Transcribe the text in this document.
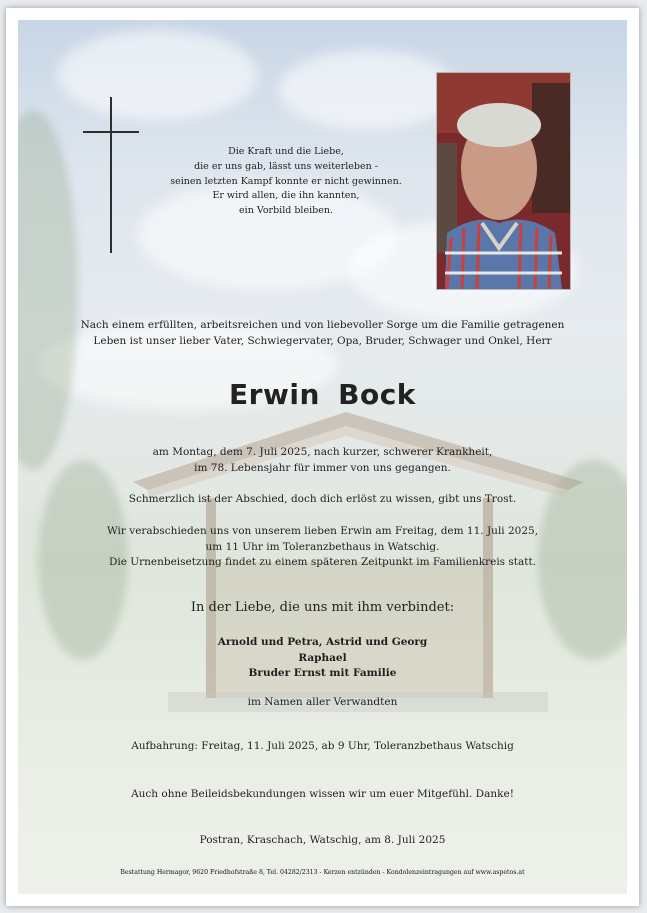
Die Kraft und die Liebe,
die er uns gab, lässt uns weiterleben -
seinen letzten Kampf konnte er nicht gewinnen.
Er wird allen, die ihn kannten,
ein Vorbild bleiben.
Nach einem erfüllten, arbeitsreichen und von liebevoller Sorge um die Familie getragenen
Leben ist unser lieber Vater, Schwiegervater, Opa, Bruder, Schwager und Onkel, Herr
Erwin Bock
am Montag, dem 7. Juli 2025, nach kurzer, schwerer Krankheit,
im 78. Lebensjahr für immer von uns gegangen.
Schmerzlich ist der Abschied, doch dich erlöst zu wissen, gibt uns Trost.
Wir verabschieden uns von unserem lieben Erwin am Freitag, dem 11. Juli 2025,
um 11 Uhr im Toleranzbethaus in Watschig.
Die Urnenbeisetzung findet zu einem späteren Zeitpunkt im Familienkreis statt.
In der Liebe, die uns mit ihm verbindet:
Arnold und Petra, Astrid und Georg
Raphael
Bruder Ernst mit Familie
im Namen aller Verwandten
Aufbahrung: Freitag, 11. Juli 2025, ab 9 Uhr, Toleranzbethaus Watschig
Auch ohne Beileidsbekundungen wissen wir um euer Mitgefühl. Danke!
Postran, Kraschach, Watschig, am 8. Juli 2025
Bestattung Hermagor, 9620 Friedhofstraße 8, Tel. 04282/2313 - Kerzen entzünden - Kondolenzeintragungen auf www.aspetos.at
